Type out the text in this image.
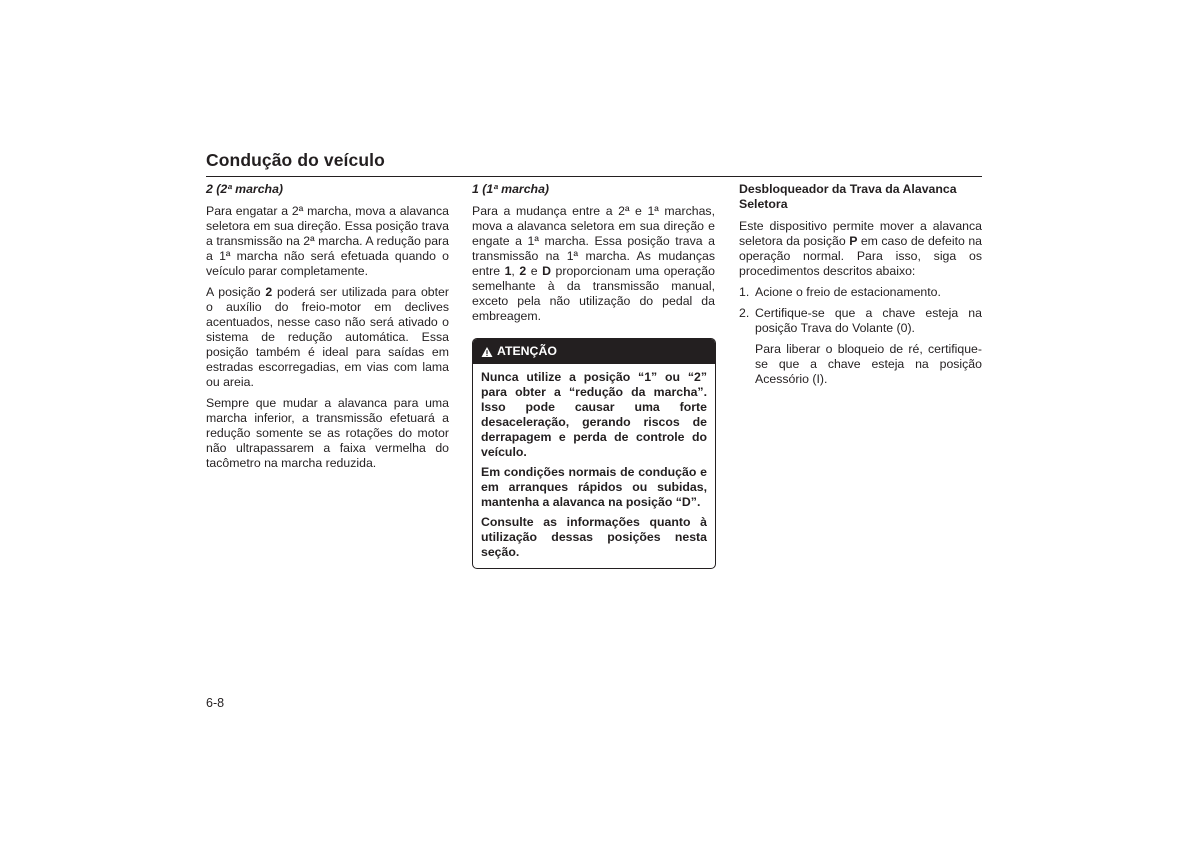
Condução do veículo

2 (2ª marcha)

Para engatar a 2ª marcha, mova a alavanca seletora em sua direção. Essa posição trava a transmissão na 2ª marcha. A redução para a 1ª marcha não será efetuada quando o veículo parar completamente.

A posição 2 poderá ser utilizada para obter o auxílio do freio-motor em declives acentuados, nesse caso não será ativado o sistema de redução automática. Essa posição também é ideal para saídas em estradas escorregadias, em vias com lama ou areia.

Sempre que mudar a alavanca para uma marcha inferior, a transmissão efetuará a redução somente se as rotações do motor não ultrapassarem a faixa vermelha do tacômetro na marcha reduzida.

1 (1ª marcha)

Para a mudança entre a 2ª e 1ª marchas, mova a alavanca seletora em sua direção e engate a 1ª marcha. Essa posição trava a transmissão na 1ª marcha. As mudanças entre 1, 2 e D proporcionam uma operação semelhante à da transmissão manual, exceto pela não utilização do pedal da embreagem.

ATENÇÃO

Nunca utilize a posição “1” ou “2” para obter a “redução da marcha”. Isso pode causar uma forte desaceleração, gerando riscos de derrapagem e perda de controle do veículo.

Em condições normais de condução e em arranques rápidos ou subidas, mantenha a alavanca na posição “D”.

Consulte as informações quanto à utilização dessas posições nesta seção.

Desbloqueador da Trava da Alavanca Seletora

Este dispositivo permite mover a alavanca seletora da posição P em caso de defeito na operação normal. Para isso, siga os procedimentos descritos abaixo:

1. Acione o freio de estacionamento.
2. Certifique-se que a chave esteja na posição Trava do Volante (0).

Para liberar o bloqueio de ré, certifique-se que a chave esteja na posição Acessório (I).

6-8
